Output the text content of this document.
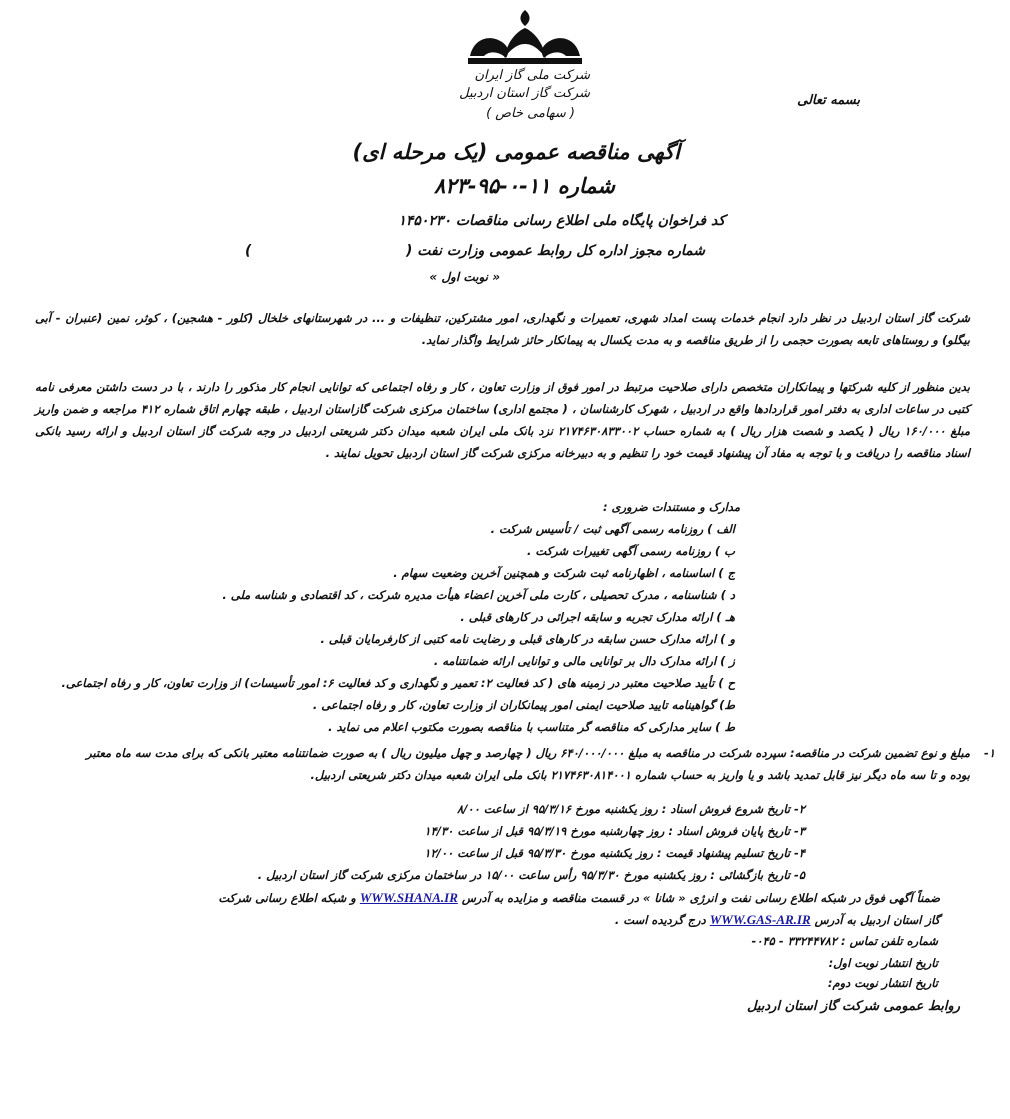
شرکت ملی گاز ایران
شرکت گاز استان اردبیل
( سهامی خاص )
بسمه تعالی
آگهی مناقصه عمومی (یک مرحله ای)
شماره ۱۱-۰-۹۵-۸۲۳
کد فراخوان پایگاه ملی اطلاع رسانی مناقصات ۱۴۵۰۲۳۰
شماره مجوز اداره کل روابط عمومی وزارت نفت (
)
« نوبت اول »
شرکت گاز استان اردبیل در نظر دارد انجام خدمات پست امداد شهری، تعمیرات و نگهداری، امور مشترکین، تنظیفات و ... در شهرستانهای خلخال (کلور - هشجین) ، کوثر، نمین (عنبران - آبی بیگلو) و روستاهای تابعه بصورت حجمی را از طریق مناقصه و به مدت یکسال به پیمانکار حائز شرایط واگذار نماید.
بدین منظور از کلیه شرکتها و پیمانکاران متخصص دارای صلاحیت مرتبط در امور فوق از وزارت تعاون ، کار و رفاه اجتماعی که توانایی انجام کار مذکور را دارند ، با در دست داشتن معرفی نامه کتبی در ساعات اداری به دفتر امور قراردادها واقع در اردبیل ، شهرک کارشناسان ، ( مجتمع اداری) ساختمان مرکزی شرکت گازاستان اردبیل ، طبقه چهارم اتاق شماره ۴۱۲ مراجعه و ضمن واریز مبلغ ۱۶۰/۰۰۰ ریال ( یکصد و شصت هزار ریال ) به شماره حساب ۲۱۷۴۶۳۰۸۳۳۰۰۲ نزد بانک ملی ایران شعبه میدان دکتر شریعتی اردبیل در وجه شرکت گاز استان اردبیل و ارائه رسید بانکی اسناد مناقصه را دریافت و با توجه به مفاد آن پیشنهاد قیمت خود را تنظیم و به دبیرخانه مرکزی شرکت گاز استان اردبیل تحویل نمایند .
مدارک و مستندات ضروری :
الف ) روزنامه رسمی آگهی ثبت / تأسیس شرکت .
ب ) روزنامه رسمی آگهی تغییرات شرکت .
ج ) اساسنامه ، اظهارنامه ثبت شرکت و همچنین آخرین وضعیت سهام .
د ) شناسنامه ، مدرک تحصیلی ، کارت ملی آخرین اعضاء هیأت مدیره شرکت ، کد اقتصادی و شناسه ملی .
هـ ) ارائه مدارک تجربه و سابقه اجرائی در کارهای قبلی .
و ) ارائه مدارک حسن سابقه در کارهای قبلی و رضایت نامه کتبی از کارفرمایان قبلی .
ز ) ارائه مدارک دال بر توانایی مالی و توانایی ارائه ضمانتنامه .
ح ) تأیید صلاحیت معتبر در زمینه های ( کد فعالیت ۲: تعمیر و نگهداری و کد فعالیت ۶: امور تأسیسات) از وزارت تعاون، کار و رفاه اجتماعی.
ط) گواهینامه تایید صلاحیت ایمنی امور پیمانکاران از وزارت تعاون، کار و رفاه اجتماعی .
ط ) سایر مدارکی که مناقصه گر متناسب با مناقصه بصورت مکتوب اعلام می نماید .
۱-
مبلغ و نوع تضمین شرکت در مناقصه: سپرده شرکت در مناقصه به مبلغ ۶۴۰/۰۰۰/۰۰۰ ریال ( چهارصد و چهل میلیون ریال ) به صورت ضمانتنامه معتبر بانکی که برای مدت سه ماه معتبر بوده و تا سه ماه دیگر نیز قابل تمدید باشد و یا واریز به حساب شماره ۲۱۷۴۶۳۰۸۱۴۰۰۱ بانک ملی ایران شعبه میدان دکتر شریعتی اردبیل.
۲- تاریخ شروع فروش اسناد : روز یکشنبه مورخ ۹۵/۳/۱۶ از ساعت ۸/۰۰
۳- تاریخ پایان فروش اسناد : روز چهارشنبه مورخ ۹۵/۳/۱۹ قبل از ساعت ۱۴/۳۰
۴- تاریخ تسلیم پیشنهاد قیمت : روز یکشنبه مورخ ۹۵/۳/۳۰ قبل از ساعت ۱۲/۰۰
۵- تاریخ بازگشائی : روز یکشنبه مورخ ۹۵/۳/۳۰ رأس ساعت ۱۵/۰۰ در ساختمان مرکزی شرکت گاز استان اردبیل .
ضمناً آگهی فوق در شبکه اطلاع رسانی نفت و انرژی « شانا » در قسمت مناقصه و مزایده به آدرس WWW.SHANA.IR و شبکه اطلاع رسانی شرکت
گاز استان اردبیل به آدرس WWW.GAS-AR.IR درج گردیده است .
شماره تلفن تماس : ۳۳۲۴۴۷۸۲ - ۰۴۵-
تاریخ انتشار نوبت اول:
تاریخ انتشار نوبت دوم:
روابط عمومی شرکت گاز استان اردبیل
